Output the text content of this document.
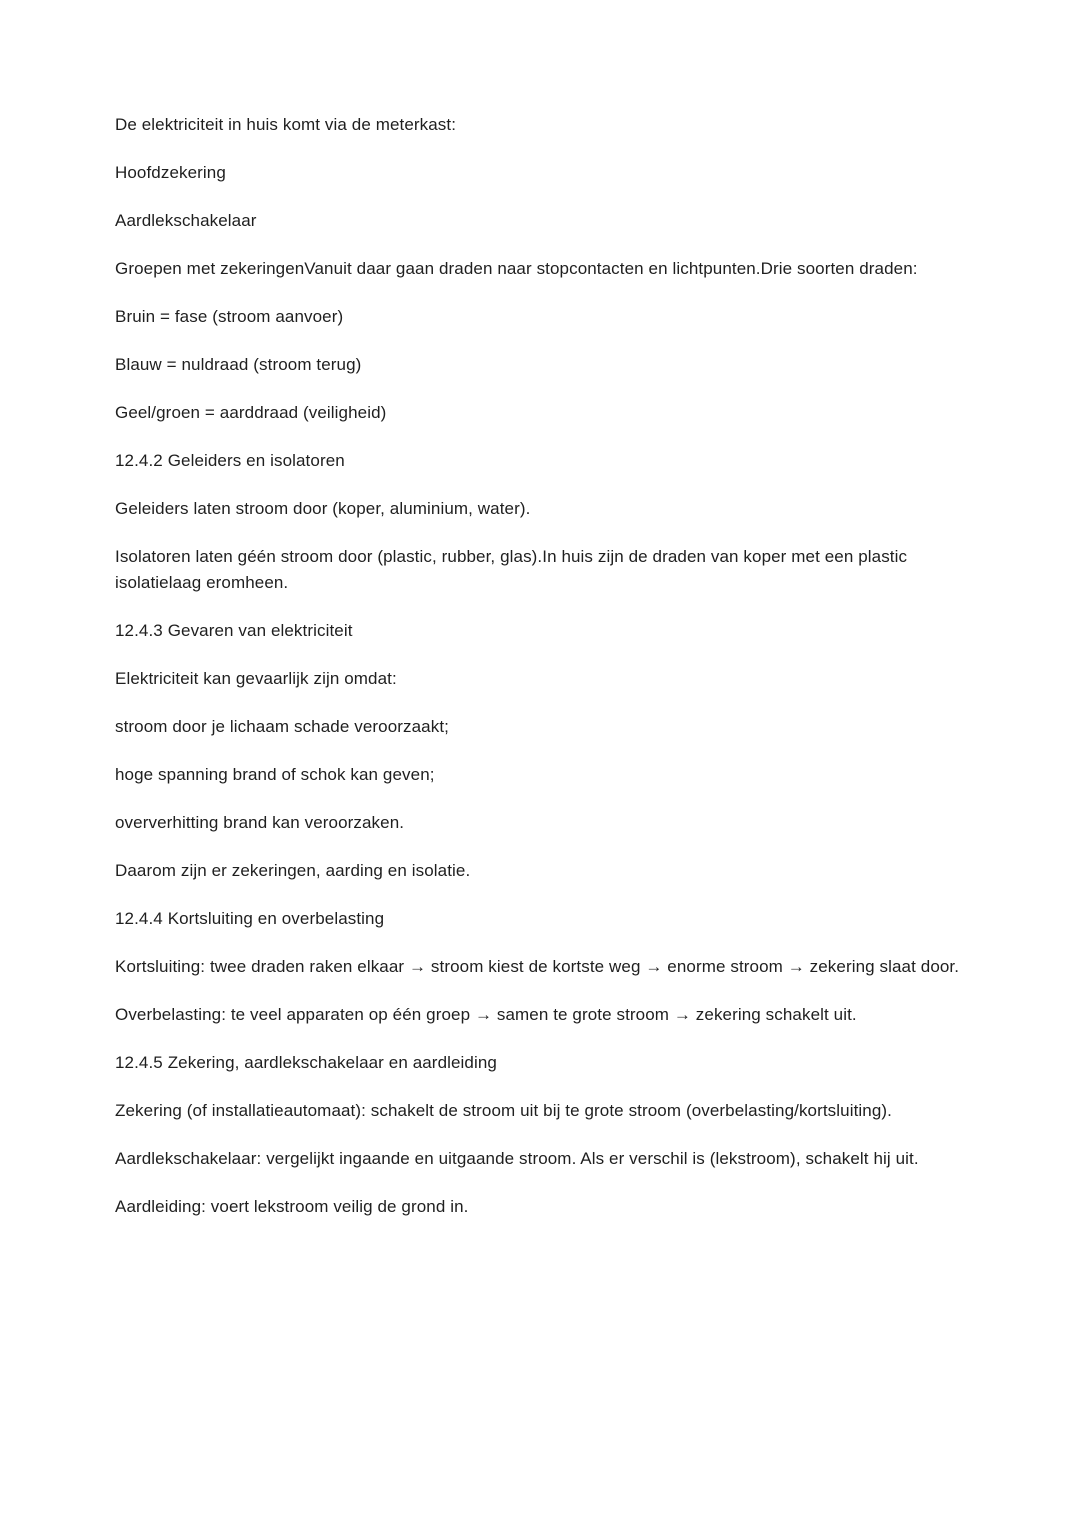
De elektriciteit in huis komt via de meterkast:

Hoofdzekering

Aardlekschakelaar

Groepen met zekeringenVanuit daar gaan draden naar stopcontacten en lichtpunten.Drie soorten draden:

Bruin = fase (stroom aanvoer)

Blauw = nuldraad (stroom terug)

Geel/groen = aarddraad (veiligheid)

12.4.2 Geleiders en isolatoren

Geleiders laten stroom door (koper, aluminium, water).

Isolatoren laten géén stroom door (plastic, rubber, glas).In huis zijn de draden van koper met een plastic isolatielaag eromheen.

12.4.3 Gevaren van elektriciteit

Elektriciteit kan gevaarlijk zijn omdat:

stroom door je lichaam schade veroorzaakt;

hoge spanning brand of schok kan geven;

oververhitting brand kan veroorzaken.

Daarom zijn er zekeringen, aarding en isolatie.

12.4.4 Kortsluiting en overbelasting

Kortsluiting: twee draden raken elkaar → stroom kiest de kortste weg → enorme stroom → zekering slaat door.

Overbelasting: te veel apparaten op één groep → samen te grote stroom → zekering schakelt uit.

12.4.5 Zekering, aardlekschakelaar en aardleiding

Zekering (of installatieautomaat): schakelt de stroom uit bij te grote stroom (overbelasting/kortsluiting).

Aardlekschakelaar: vergelijkt ingaande en uitgaande stroom. Als er verschil is (lekstroom), schakelt hij uit.

Aardleiding: voert lekstroom veilig de grond in.
